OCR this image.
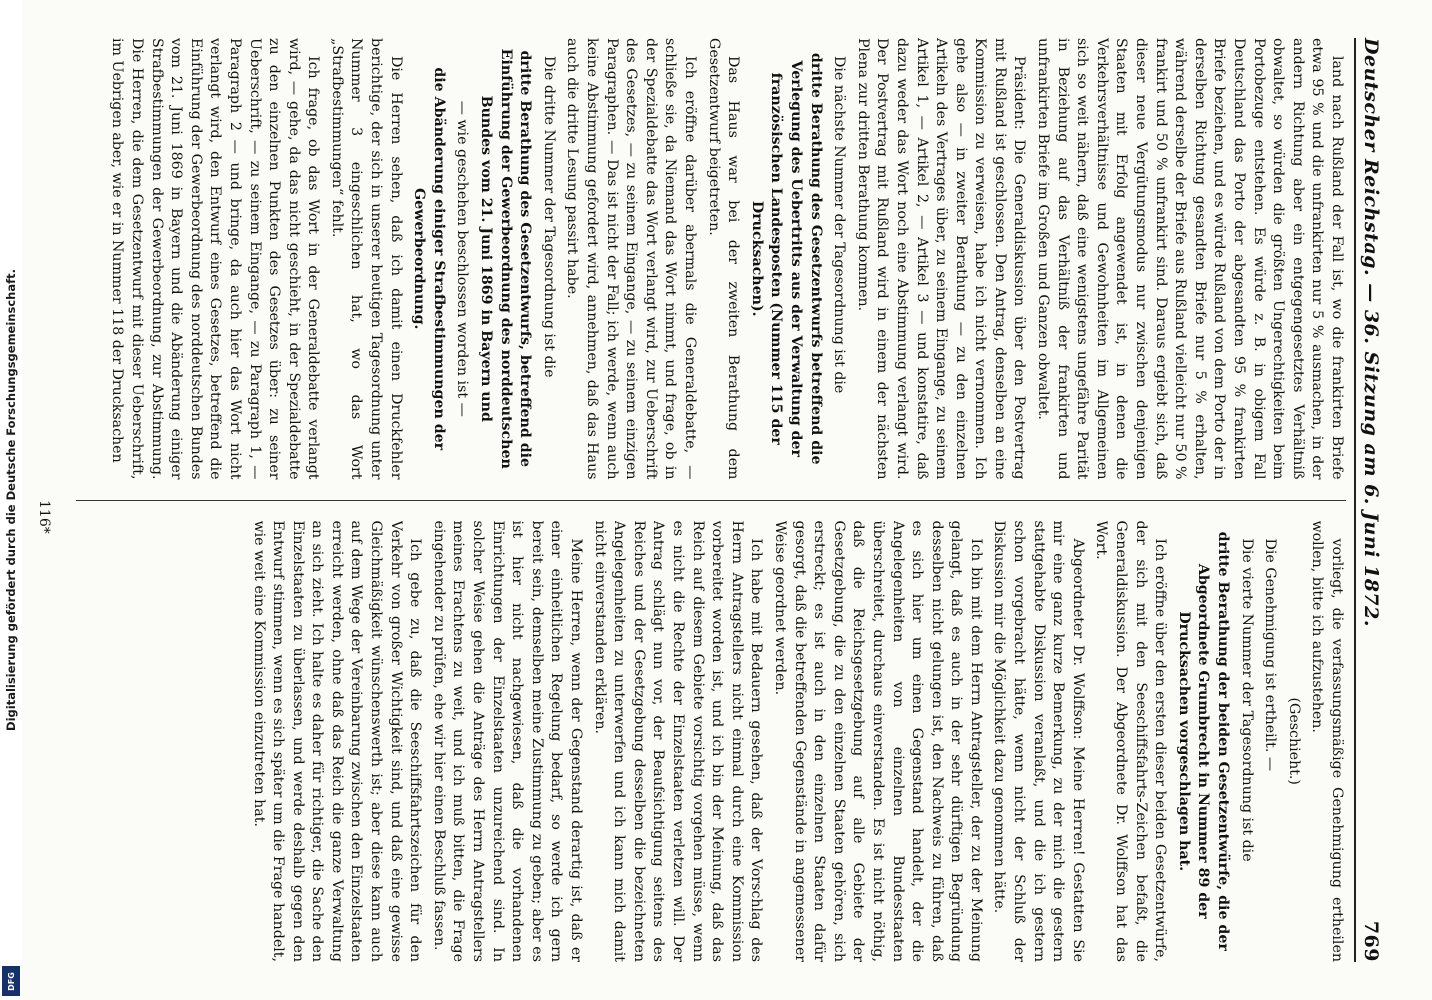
Deutscher Reichstag. — 36. Sitzung am 6. Juni 1872.
769

land nach Rußland der Fall ist, wo die frankirten Briefe etwa 95 % und die unfrankirten nur 5 % ausmachen, in der andern Richtung aber ein entgegengesetztes Verhältniß obwaltet, so würden die größten Ungerechtigkeiten beim Portobezuge entstehen. Es würde z. B. in obigem Fall Deutschland das Porto der abgesandten 95 % frankirten Briefe beziehen, und es würde Rußland von dem Porto der in derselben Richtung gesandten Briefe nur 5 % erhalten, während derselbe der Briefe aus Rußland vielleicht nur 50 % frankirt und 50 % unfrankirt sind. Daraus ergiebt sich, daß dieser neue Vergütungsmodus nur zwischen denjenigen Staaten mit Erfolg angewendet ist, in denen die Verkehrsverhältnisse und Gewohnheiten im Allgemeinen sich so weit nähern, daß eine wenigstens ungefähre Parität in Beziehung auf das Verhältniß der frankirten und unfrankirten Briefe im Großen und Ganzen obwaltet.

Präsident: Die Generaldiskussion über den Postvertrag mit Rußland ist geschlossen. Den Antrag, denselben an eine Kommission zu verweisen, habe ich nicht vernommen. Ich gehe also — in zweiter Berathung — zu den einzelnen Artikeln des Vertrages über, zu seinem Eingange, zu seinem Artikel 1, — Artikel 2, — Artikel 3 — und konstatire, daß dazu weder das Wort noch eine Abstimmung verlangt wird. Der Postvertrag mit Rußland wird in einem der nächsten Plena zur dritten Berathung kommen.

Die nächste Nummer der Tagesordnung ist die

dritte Berathung des Gesetzentwurfs betreffend die Verlegung des Uebertritts aus der Verwaltung der französischen Landesposten (Nummer 115 der Drucksachen).

Das Haus war bei der zweiten Berathung dem Gesetzentwurf beigetreten.

Ich eröffne darüber abermals die Generaldebatte, — schließe sie, da Niemand das Wort nimmt, und frage, ob in der Spezialdebatte das Wort verlangt wird, zur Ueberschrift des Gesetzes, — zu seinem Eingange, — zu seinem einzigen Paragraphen. — Das ist nicht der Fall; ich werde, wenn auch keine Abstimmung gefordert wird, annehmen, daß das Haus auch die dritte Lesung passirt habe.

Die dritte Nummer der Tagesordnung ist die

dritte Berathung des Gesetzentwurfs, betreffend die Einführung der Gewerbeordnung des norddeutschen Bundes vom 21. Juni 1869 in Bayern und

— wie geschehen beschlossen worden ist —

die Abänderung einiger Strafbestimmungen der Gewerbeordnung.

Die Herren sehen, daß ich damit einen Druckfehler berichtige, der sich in unserer heutigen Tagesordnung unter Nummer 3 eingeschlichen hat, wo das Wort „Strafbestimmungen“ fehlt.

Ich frage, ob das Wort in der Generaldebatte verlangt wird, — gehe, da das nicht geschieht, in der Spezialdebatte zu den einzelnen Punkten des Gesetzes über: zu seiner Ueberschrift, — zu seinem Eingange, — zu Paragraph 1, — Paragraph 2 — und bringe, da auch hier das Wort nicht verlangt wird, den Entwurf eines Gesetzes, betreffend die Einführung der Gewerbeordnung des norddeutschen Bundes vom 21. Juni 1869 in Bayern und die Abänderung einiger Strafbestimmungen der Gewerbeordnung, zur Abstimmung. Die Herren, die dem Gesetzentwurf mit dieser Ueberschrift, im Uebrigen aber, wie er in Nummer 118 der Drucksachen

vorliegt, die verfassungsmäßige Genehmigung ertheilen wollen, bitte ich aufzustehen.

(Geschieht.)

Die Genehmigung ist ertheilt. —

Die vierte Nummer der Tagesordnung ist die

dritte Berathung der beiden Gesetzentwürfe, die der Abgeordnete Grumbrecht in Nummer 89 der Drucksachen vorgeschlagen hat.

Ich eröffne über den ersten dieser beiden Gesetzentwürfe, der sich mit den Seeschiffsfahrts-Zeichen befaßt, die Generaldiskussion. Der Abgeordnete Dr. Wolffson hat das Wort.

Abgeordneter Dr. Wolffson: Meine Herren! Gestatten Sie mir eine ganz kurze Bemerkung, zu der mich die gestern stattgehabte Diskussion veranlaßt, und die ich gestern schon vorgebracht hätte, wenn nicht der Schluß der Diskussion mir die Möglichkeit dazu genommen hätte.

Ich bin mit dem Herrn Antragsteller, der zu der Meinung gelangt, daß es auch in der sehr dürftigen Begründung desselben nicht gelungen ist, den Nachweis zu führen, daß es sich hier um einen Gegenstand handelt, der die Angelegenheiten von einzelnen Bundesstaaten überschreitet, durchaus einverstanden. Es ist nicht nöthig, daß die Reichsgesetzgebung auf alle Gebiete der Gesetzgebung, die zu den einzelnen Staaten gehören, sich erstreckt; es ist auch in den einzelnen Staaten dafür gesorgt, daß die betreffenden Gegenstände in angemessener Weise geordnet werden.

Ich habe mit Bedauern gesehen, daß der Vorschlag des Herrn Antragstellers nicht einmal durch eine Kommission vorbereitet worden ist, und ich bin der Meinung, daß das Reich auf diesem Gebiete vorsichtig vorgehen müsse, wenn es nicht die Rechte der Einzelstaaten verletzen will. Der Antrag schlägt nun vor, der Beaufsichtigung seitens des Reiches und der Gesetzgebung desselben die bezeichneten Angelegenheiten zu unterwerfen und ich kann mich damit nicht einverstanden erklären.

Meine Herren, wenn der Gegenstand derartig ist, daß er einer einheitlichen Regelung bedarf, so werde ich gern bereit sein, demselben meine Zustimmung zu geben; aber es ist hier nicht nachgewiesen, daß die vorhandenen Einrichtungen der Einzelstaaten unzureichend sind. In solcher Weise gehen die Anträge des Herrn Antragstellers meines Erachtens zu weit, und ich muß bitten, die Frage eingehender zu prüfen, ehe wir hier einen Beschluß fassen.

Ich gebe zu, daß die Seeschiffsfahrtszeichen für den Verkehr von großer Wichtigkeit sind, und daß eine gewisse Gleichmäßigkeit wünschenswerth ist; aber diese kann auch auf dem Wege der Vereinbarung zwischen den Einzelstaaten erreicht werden, ohne daß das Reich die ganze Verwaltung an sich zieht. Ich halte es daher für richtiger, die Sache den Einzelstaaten zu überlassen, und werde deshalb gegen den Entwurf stimmen, wenn es sich später um die Frage handelt, wie weit eine Kommission einzutreten hat.

116*
Digitalisierung gefördert durch die Deutsche Forschungsgemeinschaft.
DFG
